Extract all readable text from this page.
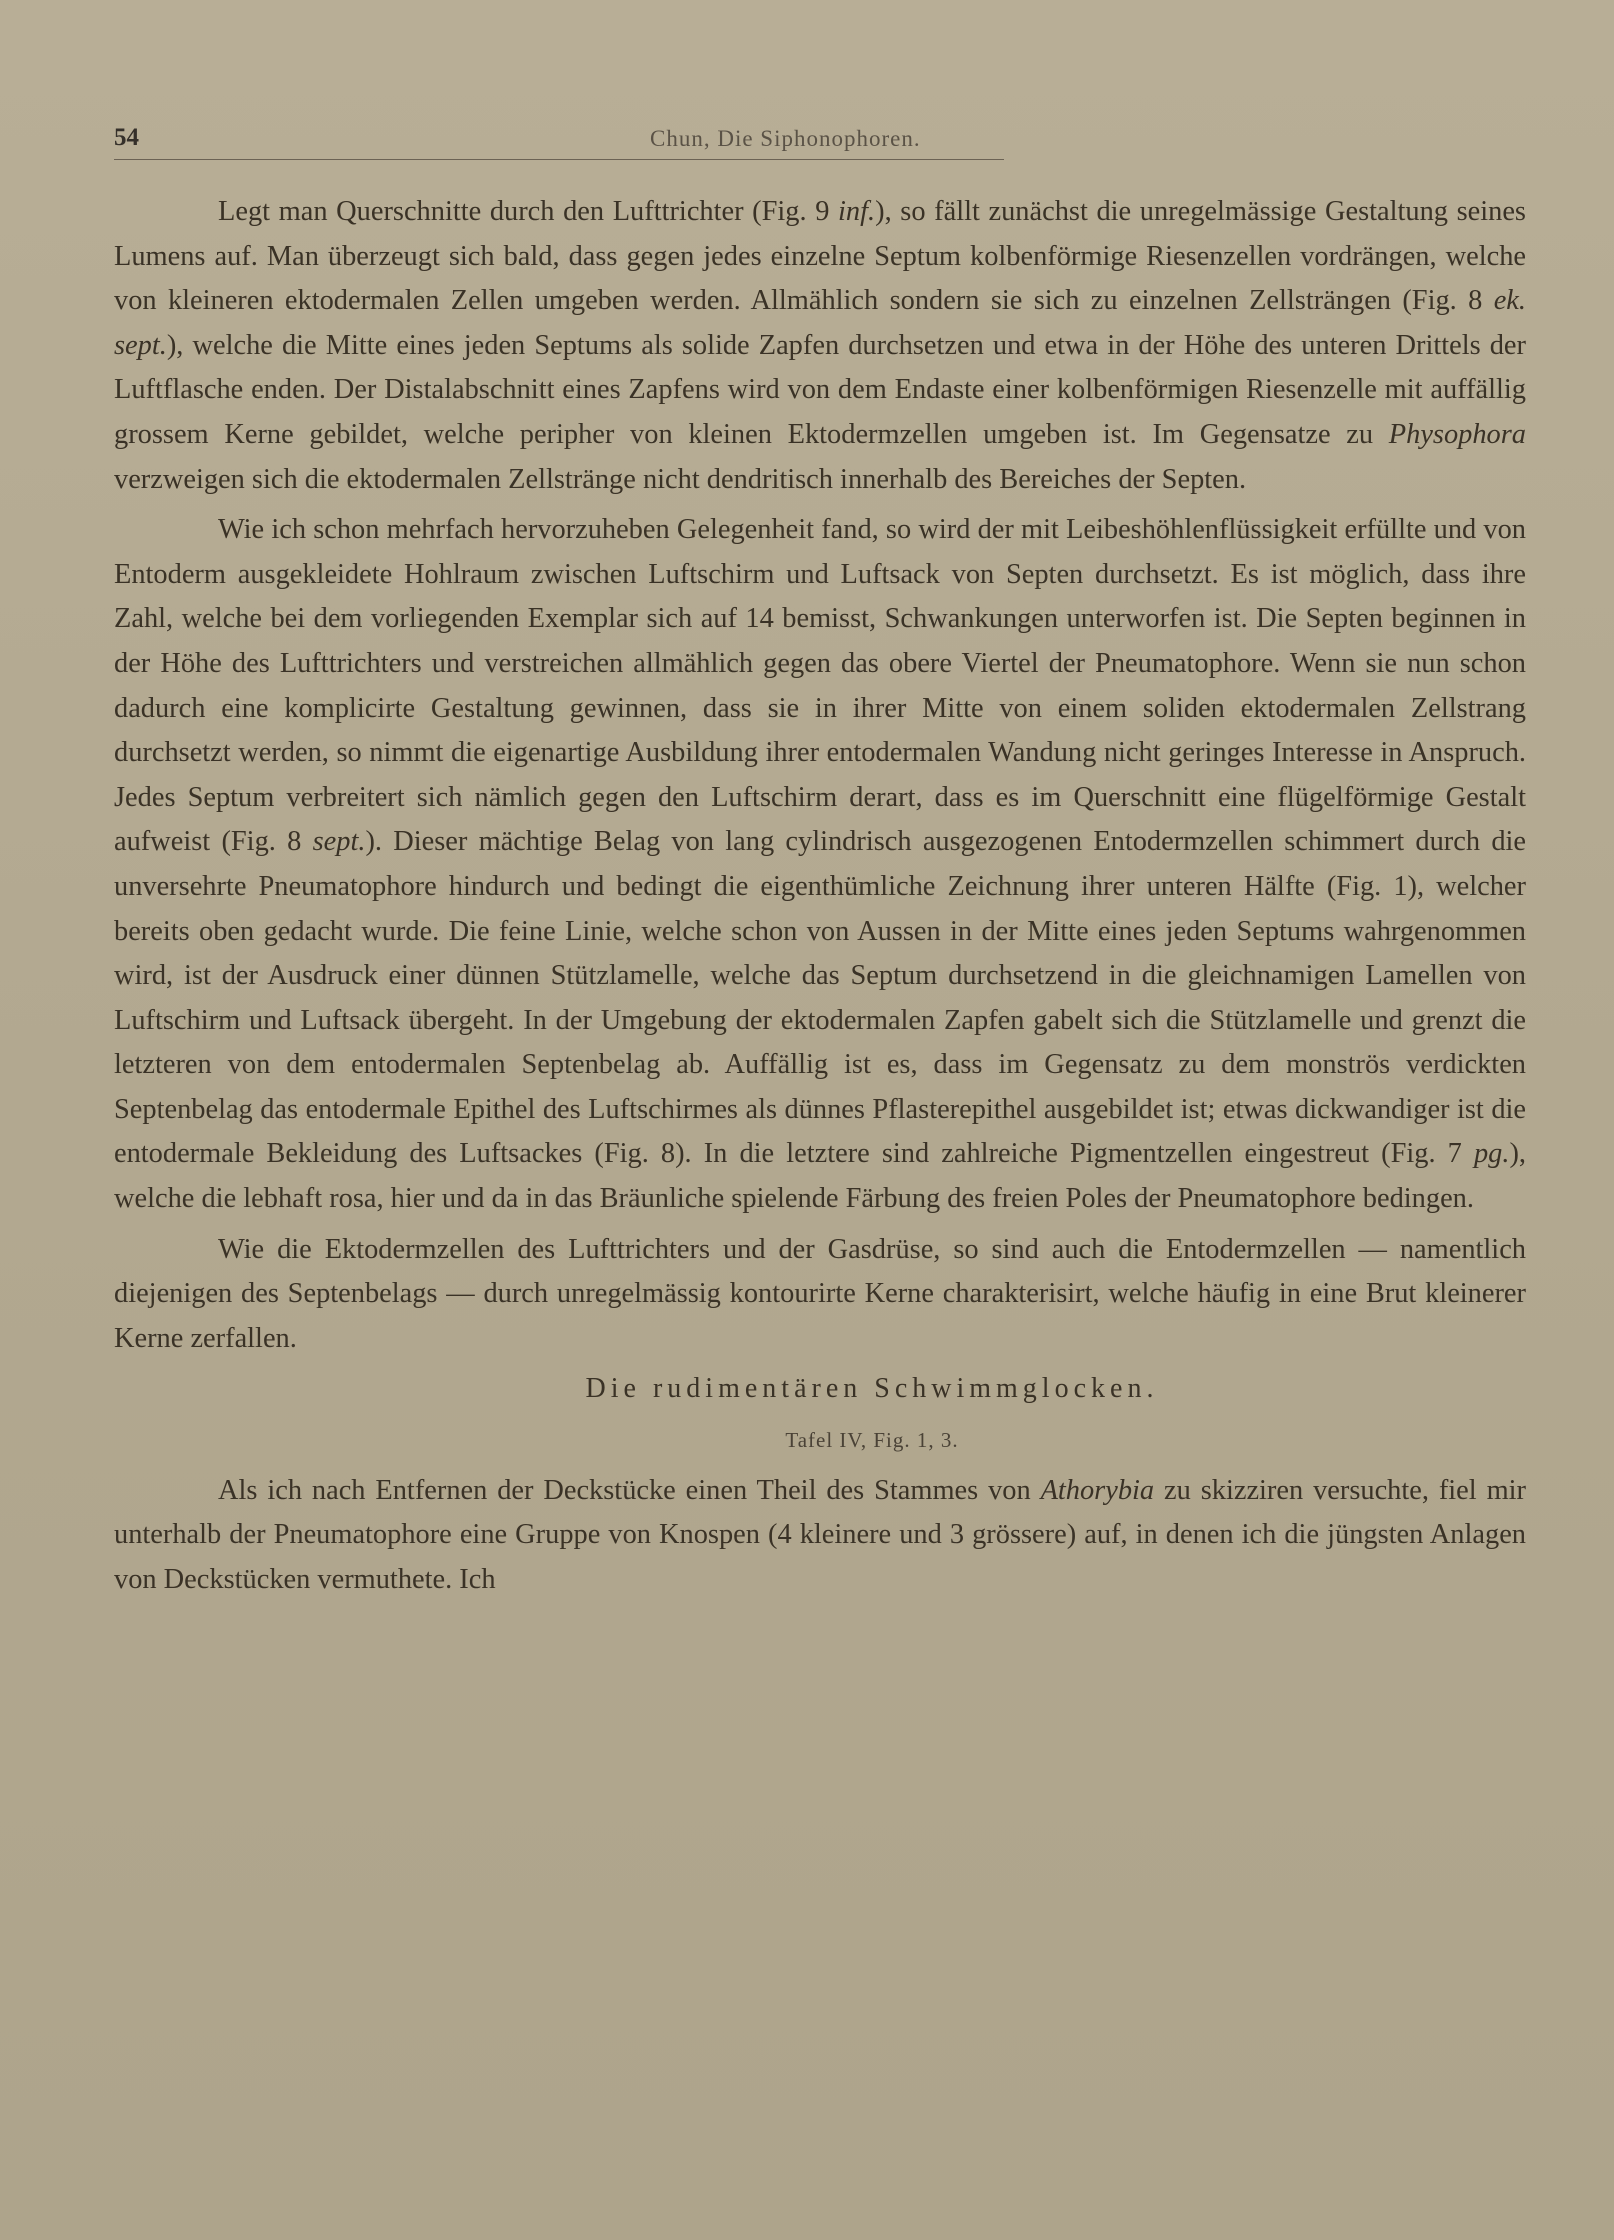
54	Chun, Die Siphonophoren.

Legt man Querschnitte durch den Lufttrichter (Fig. 9 inf.), so fällt zunächst die unregelmässige Gestaltung seines Lumens auf. Man überzeugt sich bald, dass gegen jedes einzelne Septum kolbenförmige Riesenzellen vordrängen, welche von kleineren ektodermalen Zellen umgeben werden. Allmählich sondern sie sich zu einzelnen Zellsträngen (Fig. 8 ek. sept.), welche die Mitte eines jeden Septums als solide Zapfen durchsetzen und etwa in der Höhe des unteren Drittels der Luftflasche enden. Der Distalabschnitt eines Zapfens wird von dem Endaste einer kolbenförmigen Riesenzelle mit auffällig grossem Kerne gebildet, welche peripher von kleinen Ektodermzellen umgeben ist. Im Gegensatze zu Physophora verzweigen sich die ektodermalen Zellstränge nicht dendritisch innerhalb des Bereiches der Septen.

Wie ich schon mehrfach hervorzuheben Gelegenheit fand, so wird der mit Leibeshöhlenflüssigkeit erfüllte und von Entoderm ausgekleidete Hohlraum zwischen Luftschirm und Luftsack von Septen durchsetzt. Es ist möglich, dass ihre Zahl, welche bei dem vorliegenden Exemplar sich auf 14 bemisst, Schwankungen unterworfen ist. Die Septen beginnen in der Höhe des Lufttrichters und verstreichen allmählich gegen das obere Viertel der Pneumatophore. Wenn sie nun schon dadurch eine komplicirte Gestaltung gewinnen, dass sie in ihrer Mitte von einem soliden ektodermalen Zellstrang durchsetzt werden, so nimmt die eigenartige Ausbildung ihrer entodermalen Wandung nicht geringes Interesse in Anspruch. Jedes Septum verbreitert sich nämlich gegen den Luftschirm derart, dass es im Querschnitt eine flügelförmige Gestalt aufweist (Fig. 8 sept.). Dieser mächtige Belag von lang cylindrisch ausgezogenen Entodermzellen schimmert durch die unversehrte Pneumatophore hindurch und bedingt die eigenthümliche Zeichnung ihrer unteren Hälfte (Fig. 1), welcher bereits oben gedacht wurde. Die feine Linie, welche schon von Aussen in der Mitte eines jeden Septums wahrgenommen wird, ist der Ausdruck einer dünnen Stützlamelle, welche das Septum durchsetzend in die gleichnamigen Lamellen von Luftschirm und Luftsack übergeht. In der Umgebung der ektodermalen Zapfen gabelt sich die Stützlamelle und grenzt die letzteren von dem entodermalen Septenbelag ab. Auffällig ist es, dass im Gegensatz zu dem monströs verdickten Septenbelag das entodermale Epithel des Luftschirmes als dünnes Pflasterepithel ausgebildet ist; etwas dickwandiger ist die entodermale Bekleidung des Luftsackes (Fig. 8). In die letztere sind zahlreiche Pigmentzellen eingestreut (Fig. 7 pg.), welche die lebhaft rosa, hier und da in das Bräunliche spielende Färbung des freien Poles der Pneumatophore bedingen.

Wie die Ektodermzellen des Lufttrichters und der Gasdrüse, so sind auch die Entodermzellen — namentlich diejenigen des Septenbelags — durch unregelmässig kontourirte Kerne charakterisirt, welche häufig in eine Brut kleinerer Kerne zerfallen.

Die rudimentären Schwimmglocken.

Tafel IV, Fig. 1, 3.

Als ich nach Entfernen der Deckstücke einen Theil des Stammes von Athorybia zu skizziren versuchte, fiel mir unterhalb der Pneumatophore eine Gruppe von Knospen (4 kleinere und 3 grössere) auf, in denen ich die jüngsten Anlagen von Deckstücken vermuthete. Ich
